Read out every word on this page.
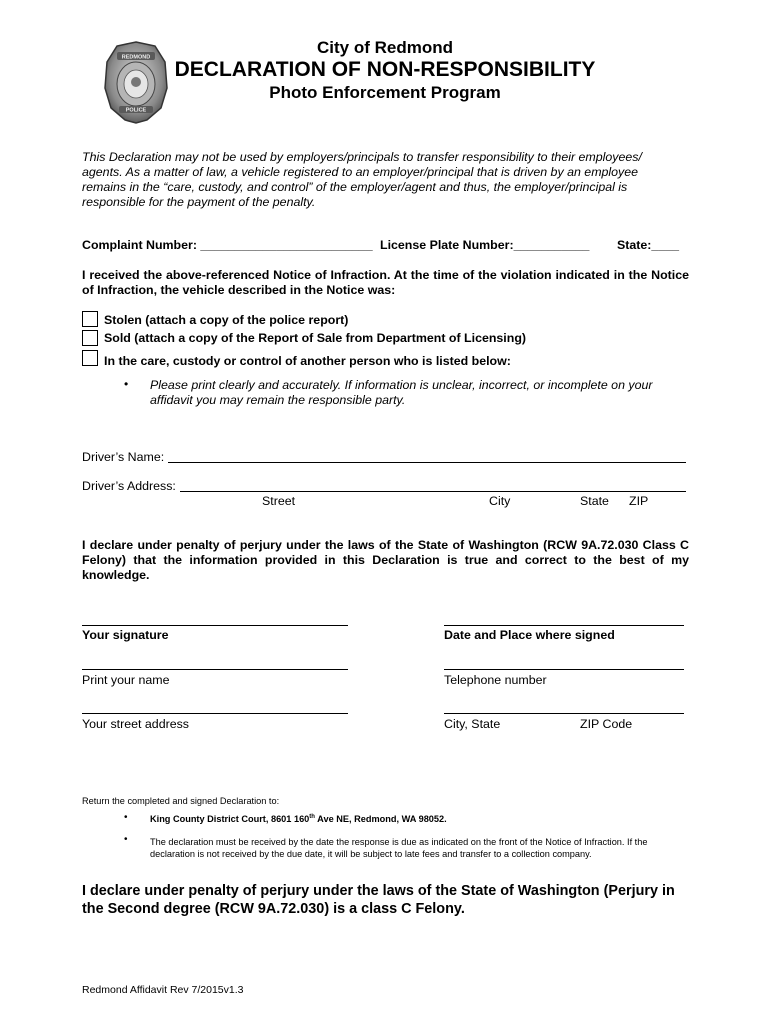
REDMOND
POLICE
City of Redmond
DECLARATION OF NON-RESPONSIBILITY
Photo Enforcement Program

This Declaration may not be used by employers/principals to transfer responsibility to their employees/ agents. As a matter of law, a vehicle registered to an employer/principal that is driven by an employee remains in the “care, custody, and control” of the employer/agent and thus, the employer/principal is responsible for the payment of the penalty.

Complaint Number: _________________________ License Plate Number:___________ State:____

I received the above-referenced Notice of Infraction. At the time of the violation indicated in the Notice of Infraction, the vehicle described in the Notice was:

Stolen (attach a copy of the police report)
Sold (attach a copy of the Report of Sale from Department of Licensing)
In the care, custody or control of another person who is listed below:
• Please print clearly and accurately. If information is unclear, incorrect, or incomplete on your affidavit you may remain the responsible party.

Driver’s Name:
Driver’s Address:
Street	City	State ZIP

I declare under penalty of perjury under the laws of the State of Washington (RCW 9A.72.030 Class C Felony) that the information provided in this Declaration is true and correct to the best of my knowledge.

Your signature	Date and Place where signed
Print your name	Telephone number
Your street address	City, State	ZIP Code
Return the completed and signed Declaration to:
• King County District Court, 8601 160th Ave NE, Redmond, WA 98052.
• The declaration must be received by the date the response is due as indicated on the front of the Notice of Infraction. If the declaration is not received by the due date, it will be subject to late fees and transfer to a collection company.

I declare under penalty of perjury under the laws of the State of Washington (Perjury in the Second degree (RCW 9A.72.030) is a class C Felony.

Redmond Affidavit Rev 7/2015v1.3
